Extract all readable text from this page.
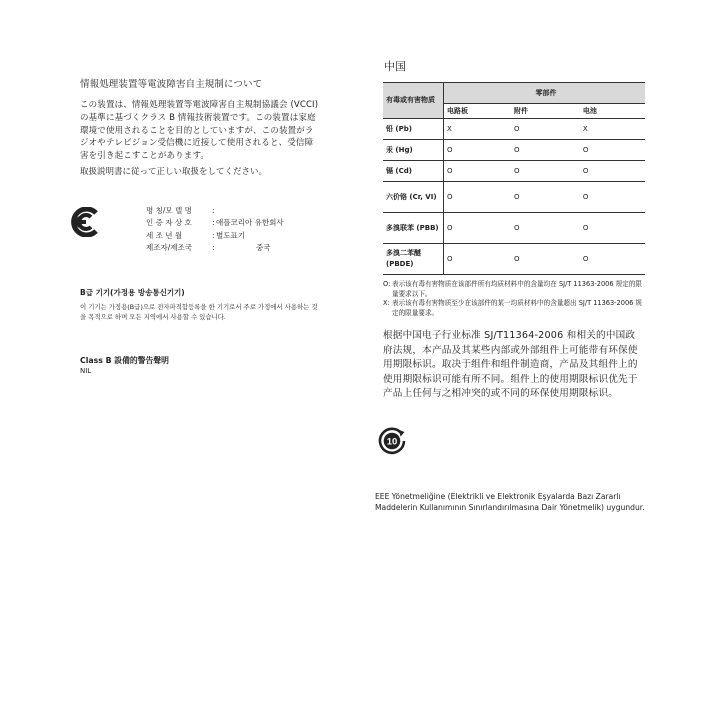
情報処理装置等電波障害自主規制について

この装置は、情報処理装置等電波障害自主規制協議会 (VCCI) の基準に基づくクラス B 情報技術装置です。この装置は家庭環境で使用されることを目的としていますが、この装置がラジオやテレビジョン受信機に近接して使用されると、受信障害を引き起こすことがあります。

取扱説明書に従って正しい取扱をしてください。

명 칭/모 델 명	:
인 증 자 상 호	: 애플코리아 유한회사
세 조 년 월	: 별도표기
제조자/제조국	:	중국
B급 기기(가정용 방송통신기기)

이 기기는 가정용(B급)으로 전자파적합등록을 한 기기로서 주로 가정에서 사용하는 것을 목적으로 하며 모든 지역에서 사용할 수 있습니다.

Class B 設備的警告聲明

NIL

中国
有毒或有害物质	零部件		
	电路板	附件	电池
铅 (Pb)	X	O	X
汞 (Hg)	O	O	O
镉 (Cd)	O	O	O
六价铬 (Cr, VI)	O	O	O
多溴联苯 (PBB)	O	O	O
多溴二苯醚 (PBDE)	O	O	O
O: 表示该有毒有害物质在该部件所有均质材料中的含量均在 SJ/T 11363-2006 规定的限量要求以下。
X: 表示该有毒有害物质至少在该部件的某一均质材料中的含量超出 SJ/T 11363-2006 规定的限量要求。

根据中国电子行业标准 SJ/T11364-2006 和相关的中国政府法规，本产品及其某些内部或外部组件上可能带有环保使用期限标识。取决于组件和组件制造商，产品及其组件上的使用期限标识可能有所不同。组件上的使用期限标识优先于产品上任何与之相冲突的或不同的环保使用期限标识。

10
EEE Yönetmeliğine (Elektrikli ve Elektronik Eşyalarda Bazı Zararlı Maddelerin Kullanımının Sınırlandırılmasına Dair Yönetmelik) uygundur.
